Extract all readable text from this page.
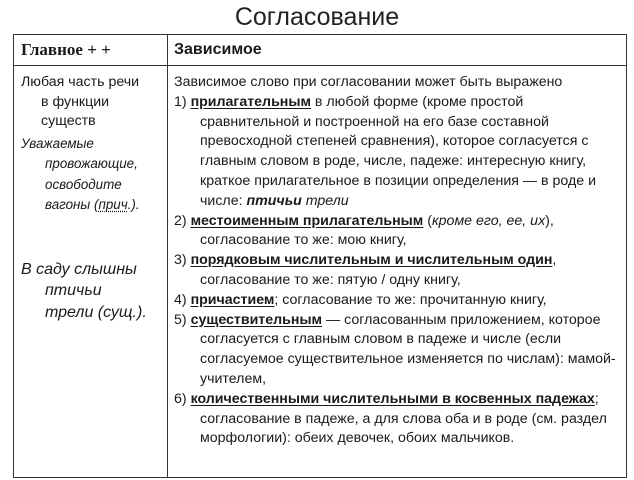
Согласование
Главное + +	Зависимое
Любая часть речи
в функции
существ
Уважаемые
провожающие,
освободите
вагоны (прич.).
В саду слышны
птичьи
трели (сущ.).

Зависимое слово при согласовании может быть выражено

1) прилагательным в любой форме (кроме простой сравнительной и построенной на его базе составной превосходной степеней сравнения), которое согласуется с главным словом в роде, числе, падеже: интересную книгу, краткое прилагательное в позиции определения — в роде и числе: птичьи трели

2) местоименным прилагательным (кроме его, ее, их), согласование то же: мою книгу,

3) порядковым числительным и числительным один, согласование то же: пятую / одну книгу,

4) причастием; согласование то же: прочитанную книгу,

5) существительным — согласованным приложением, которое согласуется с главным словом в падеже и числе (если согласуемое существительное изменяется по числам): мамой-учителем,

6) количественными числительными в косвенных падежах; согласование в падеже, а для слова оба и в роде (см. раздел морфологии): обеих девочек, обоих мальчиков.
